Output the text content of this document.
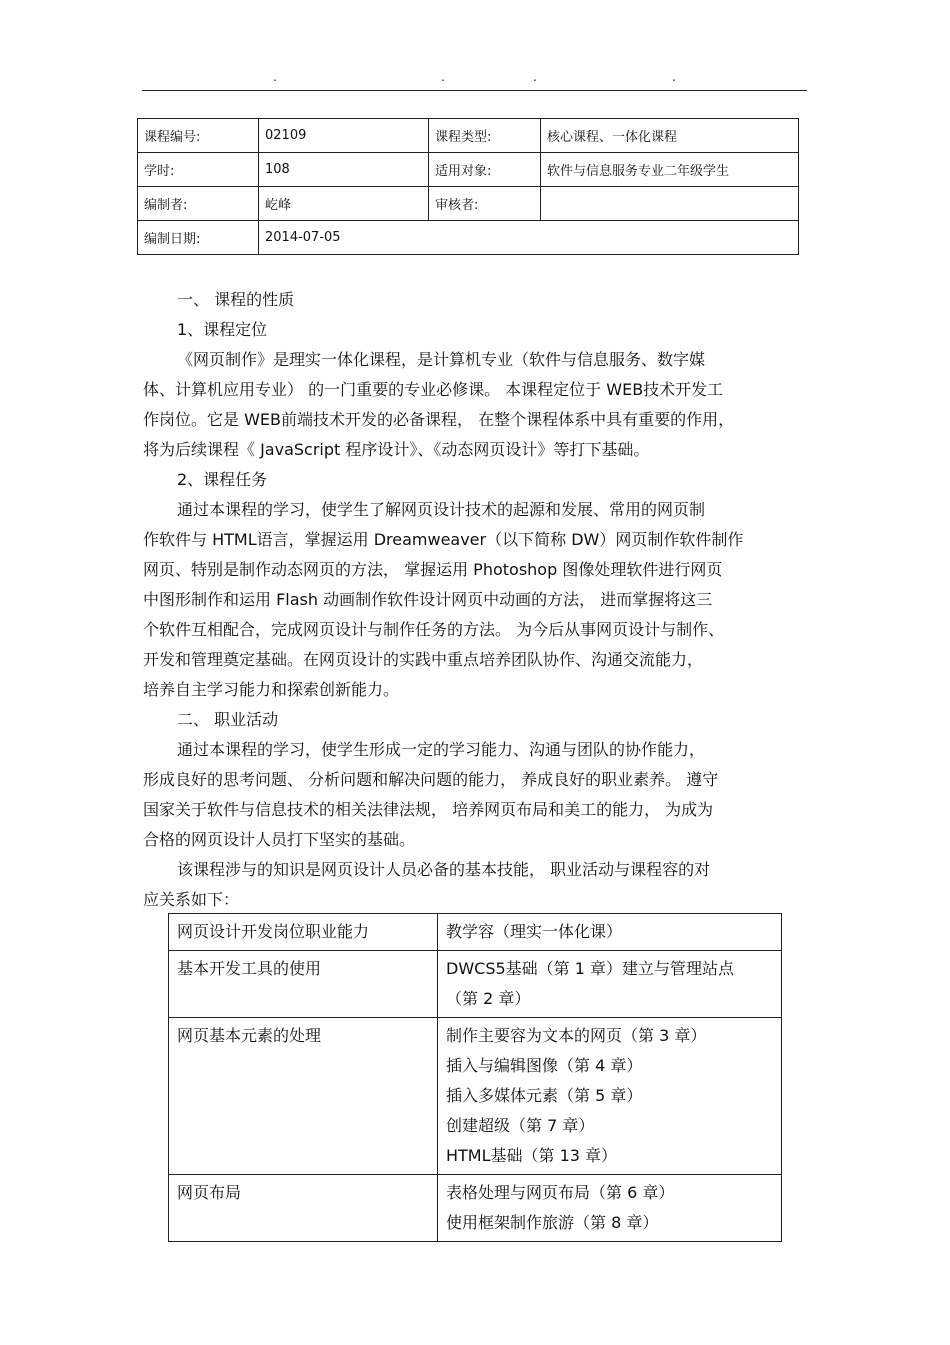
.	.	.	.
课程编号:	02109	课程类型:	核心课程、一体化课程
学时:	108	适用对象:	软件与信息服务专业二年级学生
编制者:	屹峰	审核者:	
编制日期:	2014-07-05		

一、 课程的性质

1、课程定位

《网页制作》是理实一体化课程，是计算机专业（软件与信息服务、数字媒

体、计算机应用专业） 的一门重要的专业必修课。 本课程定位于 WEB技术开发工

作岗位。它是 WEB前端技术开发的必备课程， 在整个课程体系中具有重要的作用，

将为后续课程《 JavaScript 程序设计》、《动态网页设计》等打下基础。

2、课程任务

通过本课程的学习，使学生了解网页设计技术的起源和发展、常用的网页制

作软件与 HTML语言，掌握运用 Dreamweaver（以下简称 DW）网页制作软件制作

网页、特别是制作动态网页的方法， 掌握运用 Photoshop 图像处理软件进行网页

中图形制作和运用 Flash 动画制作软件设计网页中动画的方法， 进而掌握将这三

个软件互相配合，完成网页设计与制作任务的方法。 为今后从事网页设计与制作、

开发和管理奠定基础。在网页设计的实践中重点培养团队协作、沟通交流能力，

培养自主学习能力和探索创新能力。

二、 职业活动

通过本课程的学习，使学生形成一定的学习能力、沟通与团队的协作能力，

形成良好的思考问题、 分析问题和解决问题的能力， 养成良好的职业素养。 遵守

国家关于软件与信息技术的相关法律法规， 培养网页布局和美工的能力， 为成为

合格的网页设计人员打下坚实的基础。

该课程涉与的知识是网页设计人员必备的基本技能， 职业活动与课程容的对

应关系如下：

网页设计开发岗位职业能力	教学容（理实一体化课）
基本开发工具的使用	DWCS5基础（第 1 章）建立与管理站点
（第 2 章）

网页基本元素的处理	制作主要容为文本的网页（第 3 章）
插入与编辑图像（第 4 章）
插入多媒体元素（第 5 章）
创建超级（第 7 章）
HTML基础（第 13 章）

网页布局	表格处理与网页布局（第 6 章）
使用框架制作旅游（第 8 章）
